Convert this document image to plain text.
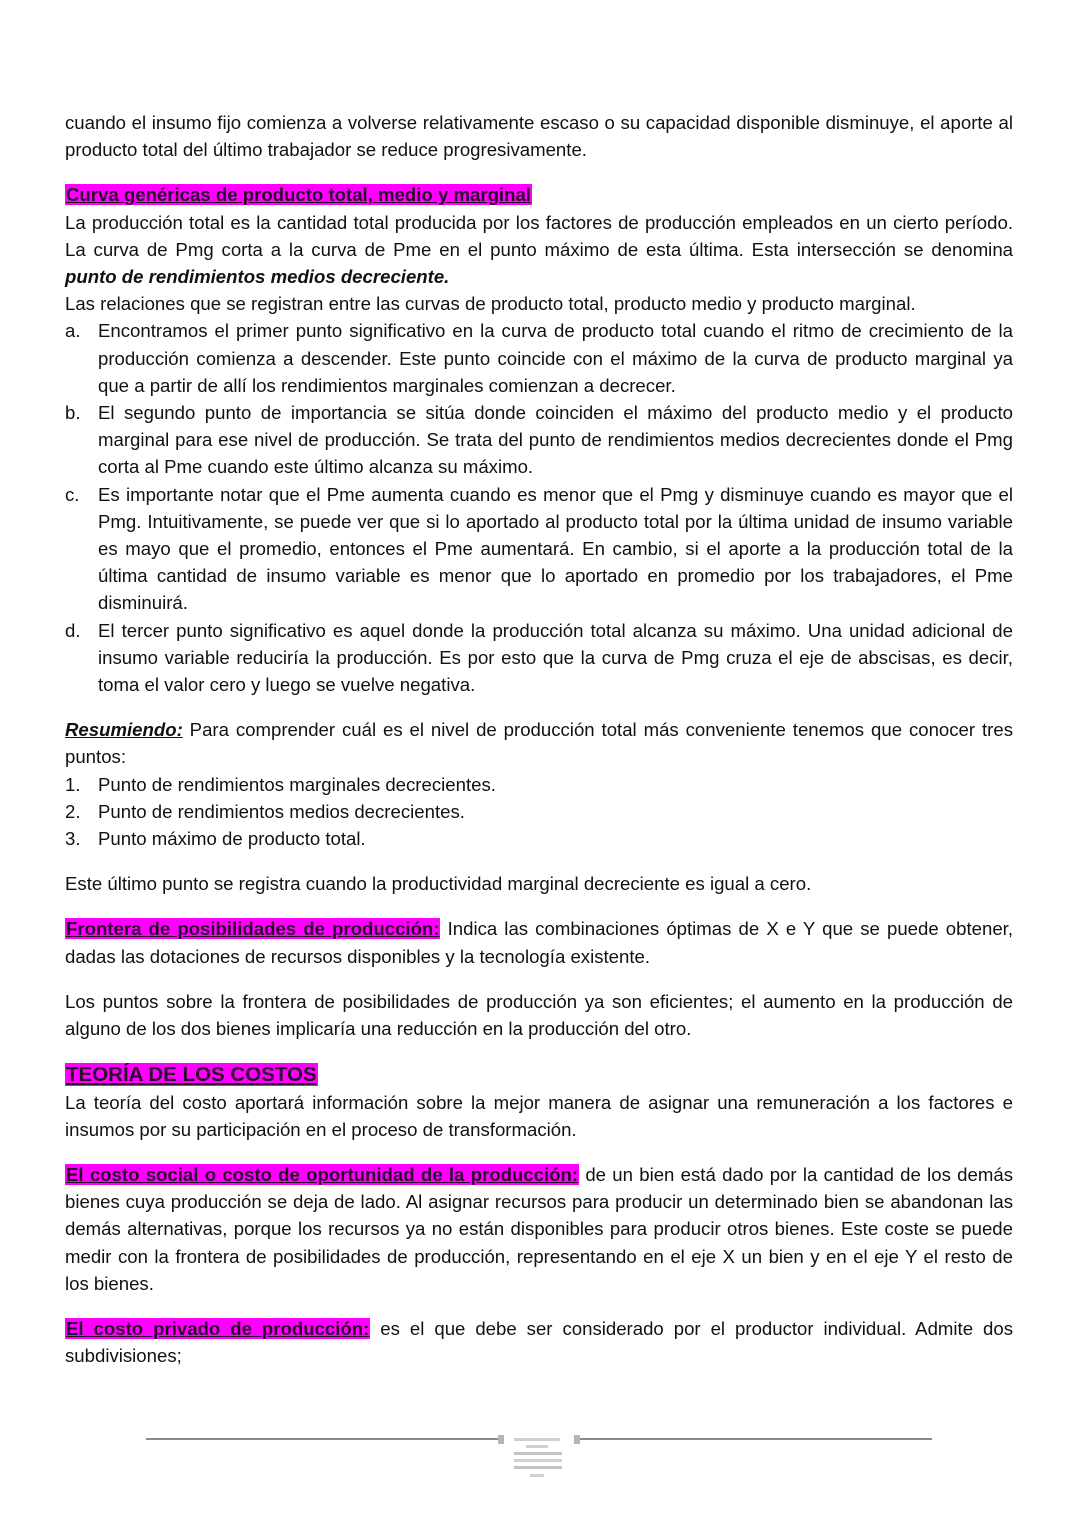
cuando el insumo fijo comienza a volverse relativamente escaso o su capacidad disponible disminuye, el aporte al producto total del último trabajador se reduce progresivamente.

Curva genéricas de producto total, medio y marginal

La producción total es la cantidad total producida por los factores de producción empleados en un cierto período. La curva de Pmg corta a la curva de Pme en el punto máximo de esta última. Esta intersección se denomina punto de rendimientos medios decreciente.

Las relaciones que se registran entre las curvas de producto total, producto medio y producto marginal.

a. Encontramos el primer punto significativo en la curva de producto total cuando el ritmo de crecimiento de la producción comienza a descender. Este punto coincide con el máximo de la curva de producto marginal ya que a partir de allí los rendimientos marginales comienzan a decrecer.
b. El segundo punto de importancia se sitúa donde coinciden el máximo del producto medio y el producto marginal para ese nivel de producción. Se trata del punto de rendimientos medios decrecientes donde el Pmg corta al Pme cuando este último alcanza su máximo.
c. Es importante notar que el Pme aumenta cuando es menor que el Pmg y disminuye cuando es mayor que el Pmg. Intuitivamente, se puede ver que si lo aportado al producto total por la última unidad de insumo variable es mayo que el promedio, entonces el Pme aumentará. En cambio, si el aporte a la producción total de la última cantidad de insumo variable es menor que lo aportado en promedio por los trabajadores, el Pme disminuirá.
d. El tercer punto significativo es aquel donde la producción total alcanza su máximo. Una unidad adicional de insumo variable reduciría la producción. Es por esto que la curva de Pmg cruza el eje de abscisas, es decir, toma el valor cero y luego se vuelve negativa.

Resumiendo: Para comprender cuál es el nivel de producción total más conveniente tenemos que conocer tres puntos:

1. Punto de rendimientos marginales decrecientes.
2. Punto de rendimientos medios decrecientes.
3. Punto máximo de producto total.

Este último punto se registra cuando la productividad marginal decreciente es igual a cero.

Frontera de posibilidades de producción: Indica las combinaciones óptimas de X e Y que se puede obtener, dadas las dotaciones de recursos disponibles y la tecnología existente.

Los puntos sobre la frontera de posibilidades de producción ya son eficientes; el aumento en la producción de alguno de los dos bienes implicaría una reducción en la producción del otro.

TEORÍA DE LOS COSTOS

La teoría del costo aportará información sobre la mejor manera de asignar una remuneración a los factores e insumos por su participación en el proceso de transformación.

El costo social o costo de oportunidad de la producción: de un bien está dado por la cantidad de los demás bienes cuya producción se deja de lado. Al asignar recursos para producir un determinado bien se abandonan las demás alternativas, porque los recursos ya no están disponibles para producir otros bienes. Este coste se puede medir con la frontera de posibilidades de producción, representando en el eje X un bien y en el eje Y el resto de los bienes.

El costo privado de producción: es el que debe ser considerado por el productor individual. Admite dos subdivisiones;
